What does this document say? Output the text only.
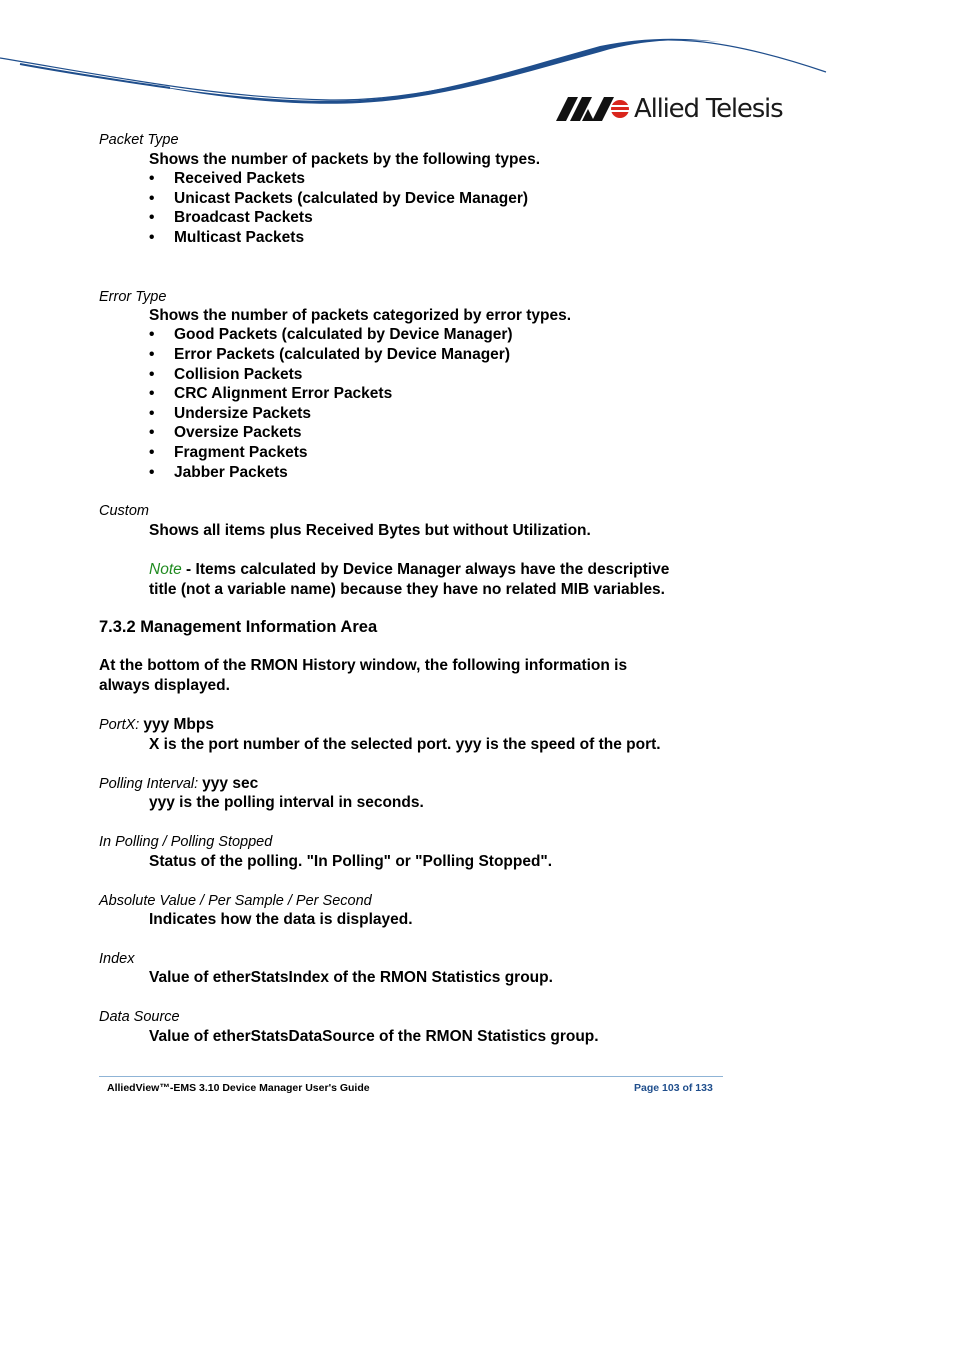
Allied Telesis
Packet Type
Shows the number of packets by the following types.
• Received Packets
• Unicast Packets (calculated by Device Manager)
• Broadcast Packets
• Multicast Packets
Error Type
Shows the number of packets categorized by error types.
• Good Packets (calculated by Device Manager)
• Error Packets (calculated by Device Manager)
• Collision Packets
• CRC Alignment Error Packets
• Undersize Packets
• Oversize Packets
• Fragment Packets
• Jabber Packets
Custom
Shows all items plus Received Bytes but without Utilization.
Note - Items calculated by Device Manager always have the descriptive
title (not a variable name) because they have no related MIB variables.
7.3.2 Management Information Area
At the bottom of the RMON History window, the following information is
always displayed.
PortX: yyy Mbps
X is the port number of the selected port. yyy is the speed of the port.
Polling Interval: yyy sec
yyy is the polling interval in seconds.
In Polling / Polling Stopped
Status of the polling. "In Polling" or "Polling Stopped".
Absolute Value / Per Sample / Per Second
Indicates how the data is displayed.
Index
Value of etherStatsIndex of the RMON Statistics group.
Data Source
Value of etherStatsDataSource of the RMON Statistics group.
AlliedView™-EMS 3.10 Device Manager User's Guide	Page 103 of 133
